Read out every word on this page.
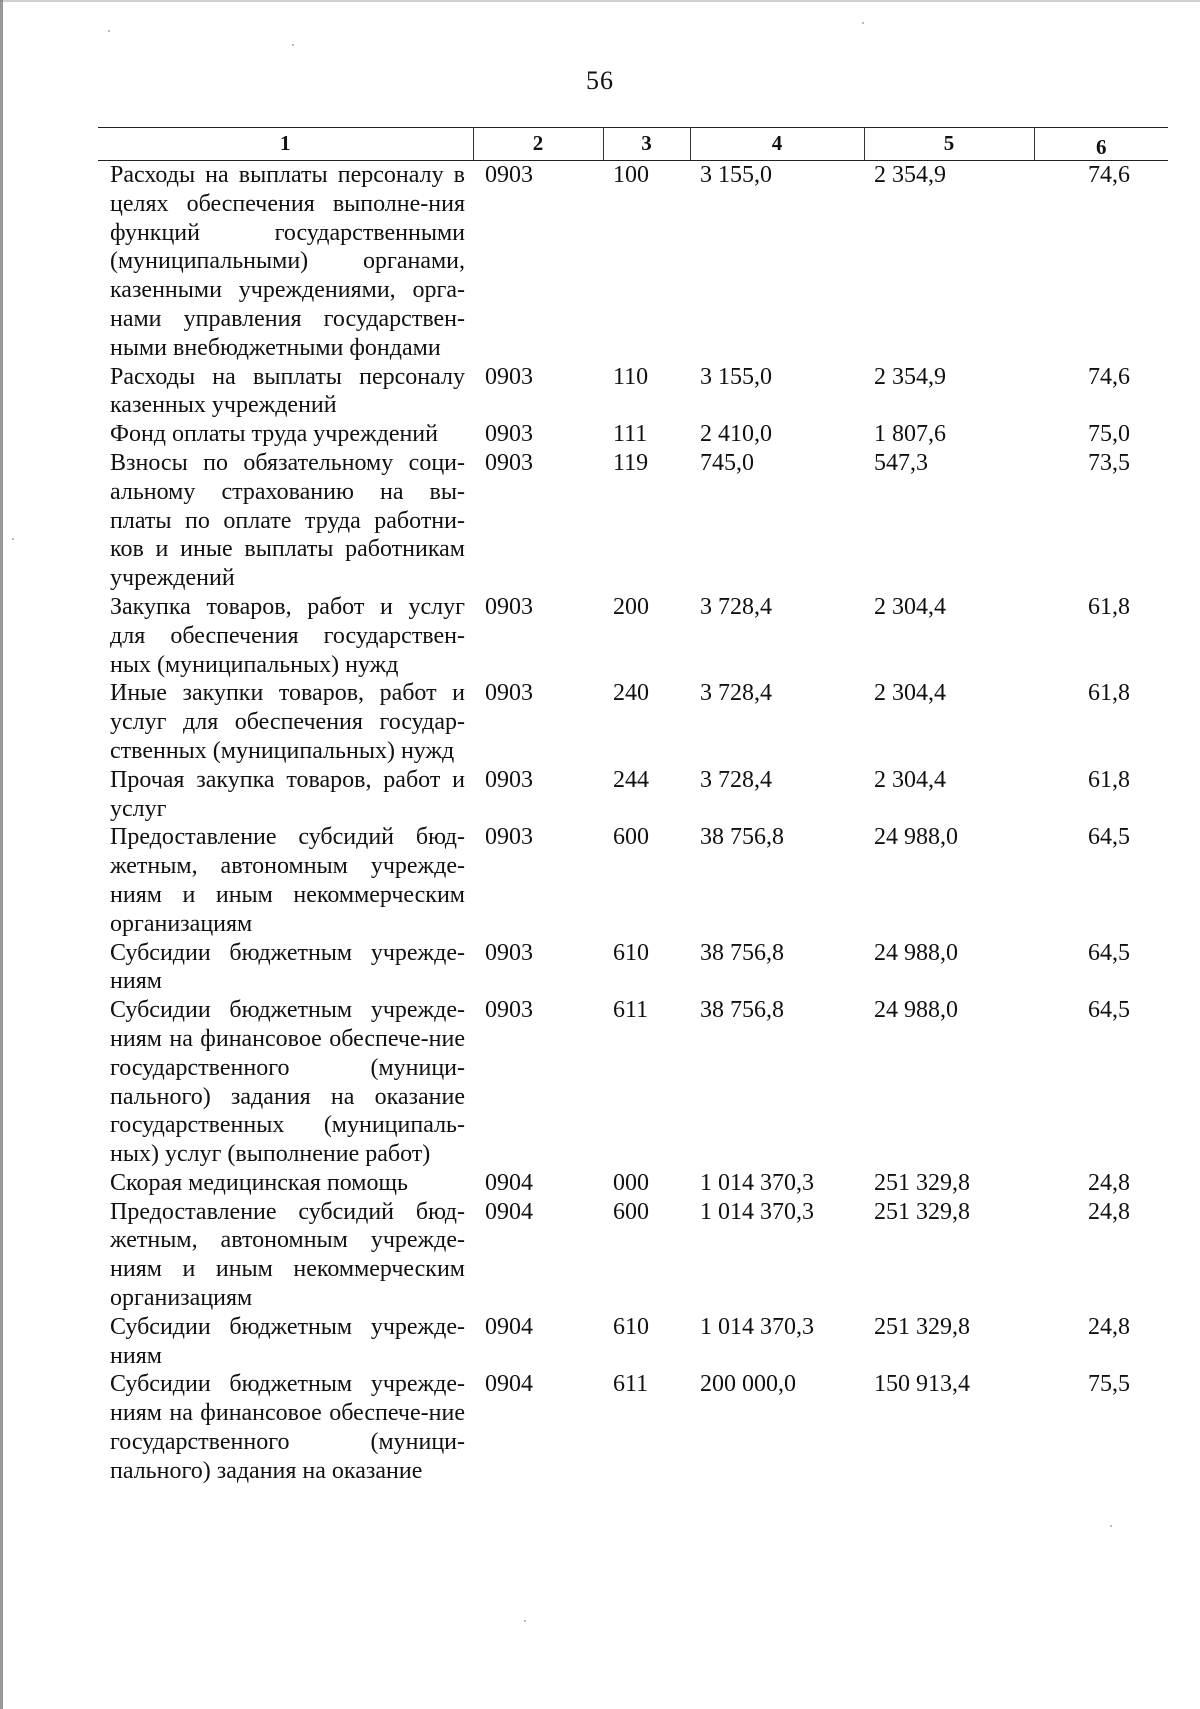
56
1	2	3	4	5	6
Расходы на выплаты персоналу в целях обеспечения выполне-ния функций государственными (муниципальными) органами, казенными учреждениями, орга-нами управления государствен-ными внебюджетными фондами	0903	100	3 155,0	2 354,9	74,6
Расходы на выплаты персоналу казенных учреждений	0903	110	3 155,0	2 354,9	74,6
Фонд оплаты труда учреждений	0903	111	2 410,0	1 807,6	75,0
Взносы по обязательному соци-альному страхованию на вы-платы по оплате труда работни-ков и иные выплаты работникам учреждений	0903	119	745,0	547,3	73,5
Закупка товаров, работ и услуг для обеспечения государствен-ных (муниципальных) нужд	0903	200	3 728,4	2 304,4	61,8
Иные закупки товаров, работ и услуг для обеспечения государ-ственных (муниципальных) нужд	0903	240	3 728,4	2 304,4	61,8
Прочая закупка товаров, работ и услуг	0903	244	3 728,4	2 304,4	61,8
Предоставление субсидий бюд-жетным, автономным учрежде-ниям и иным некоммерческим организациям	0903	600	38 756,8	24 988,0	64,5
Субсидии бюджетным учрежде-ниям	0903	610	38 756,8	24 988,0	64,5
Субсидии бюджетным учрежде-ниям на финансовое обеспече-ние государственного (муници-пального) задания на оказание государственных (муниципаль-ных) услуг (выполнение работ)	0903	611	38 756,8	24 988,0	64,5
Скорая медицинская помощь	0904	000	1 014 370,3	251 329,8	24,8
Предоставление субсидий бюд-жетным, автономным учрежде-ниям и иным некоммерческим организациям	0904	600	1 014 370,3	251 329,8	24,8
Субсидии бюджетным учрежде-ниям	0904	610	1 014 370,3	251 329,8	24,8
Субсидии бюджетным учрежде-ниям на финансовое обеспече-ние государственного (муници-пального) задания на оказание	0904	611	200 000,0	150 913,4	75,5
